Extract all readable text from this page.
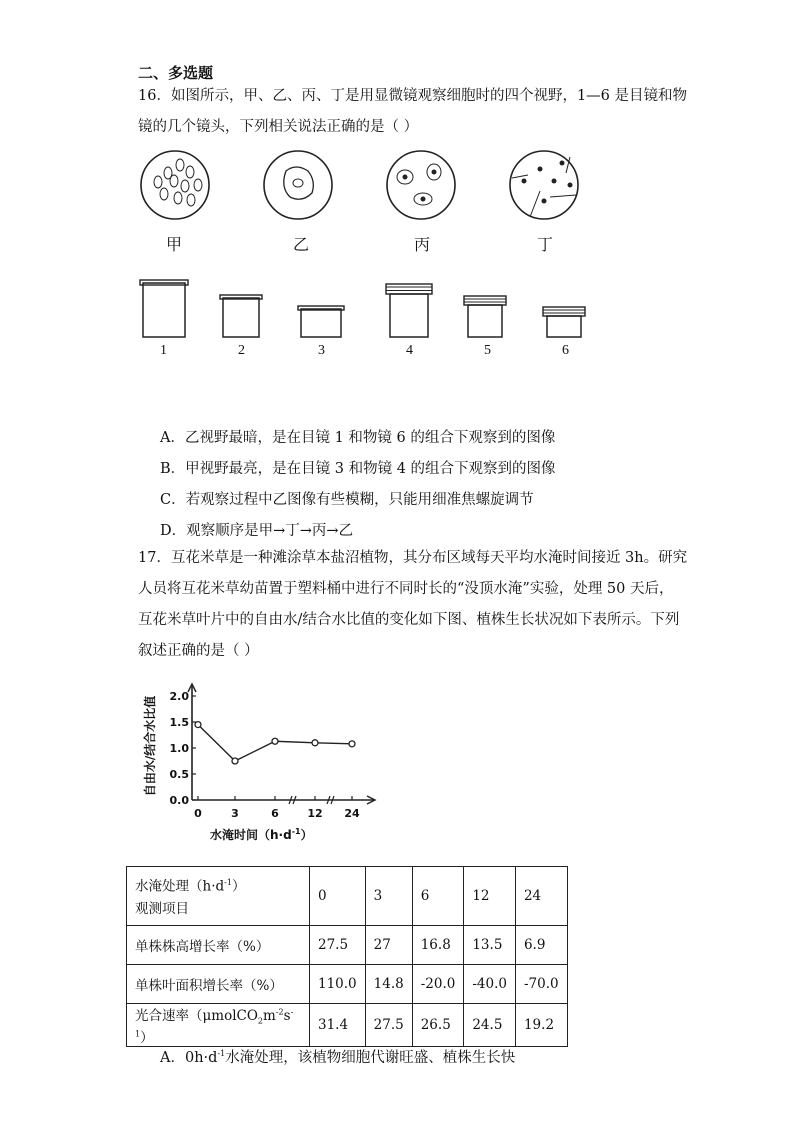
二、多选题
16．如图所示，甲、乙、丙、丁是用显微镜观察细胞时的四个视野，1—6 是目镜和物
镜的几个镜头，下列相关说法正确的是（ ）
甲	乙	丙	丁
1	2	3	4	5	6
A．乙视野最暗，是在目镜 1 和物镜 6 的组合下观察到的图像
B．甲视野最亮，是在目镜 3 和物镜 4 的组合下观察到的图像
C．若观察过程中乙图像有些模糊，只能用细准焦螺旋调节
D．观察顺序是甲→丁→丙→乙
17．互花米草是一种滩涂草本盐沼植物，其分布区域每天平均水淹时间接近 3h。研究
人员将互花米草幼苗置于塑料桶中进行不同时长的“没顶水淹”实验，处理 50 天后，
互花米草叶片中的自由水/结合水比值的变化如下图、植株生长状况如下表所示。下列
叙述正确的是（ ）
自由水/结合水比值
0.0
0.5
1.0
1.5
2.0
0	3	6	12 24
水淹时间$(h\cdot d^{-1})$
水淹处理$(h\cdot d^{-1})$
观测项目	0	3	6	12	24
单株株高增长率（%）	27.5	27	16.8	13.5	6.9
单株叶面积增长率（%）	110.0	14.8	-20.0	-40.0	-70.0
光合速率$(\mu molCO_2m^{-2}s^{-1})$	31.4	27.5	26.5	24.5	19.2
A．$0h\cdot d^{-1}$水淹处理，该植物细胞代谢旺盛、植株生长快
